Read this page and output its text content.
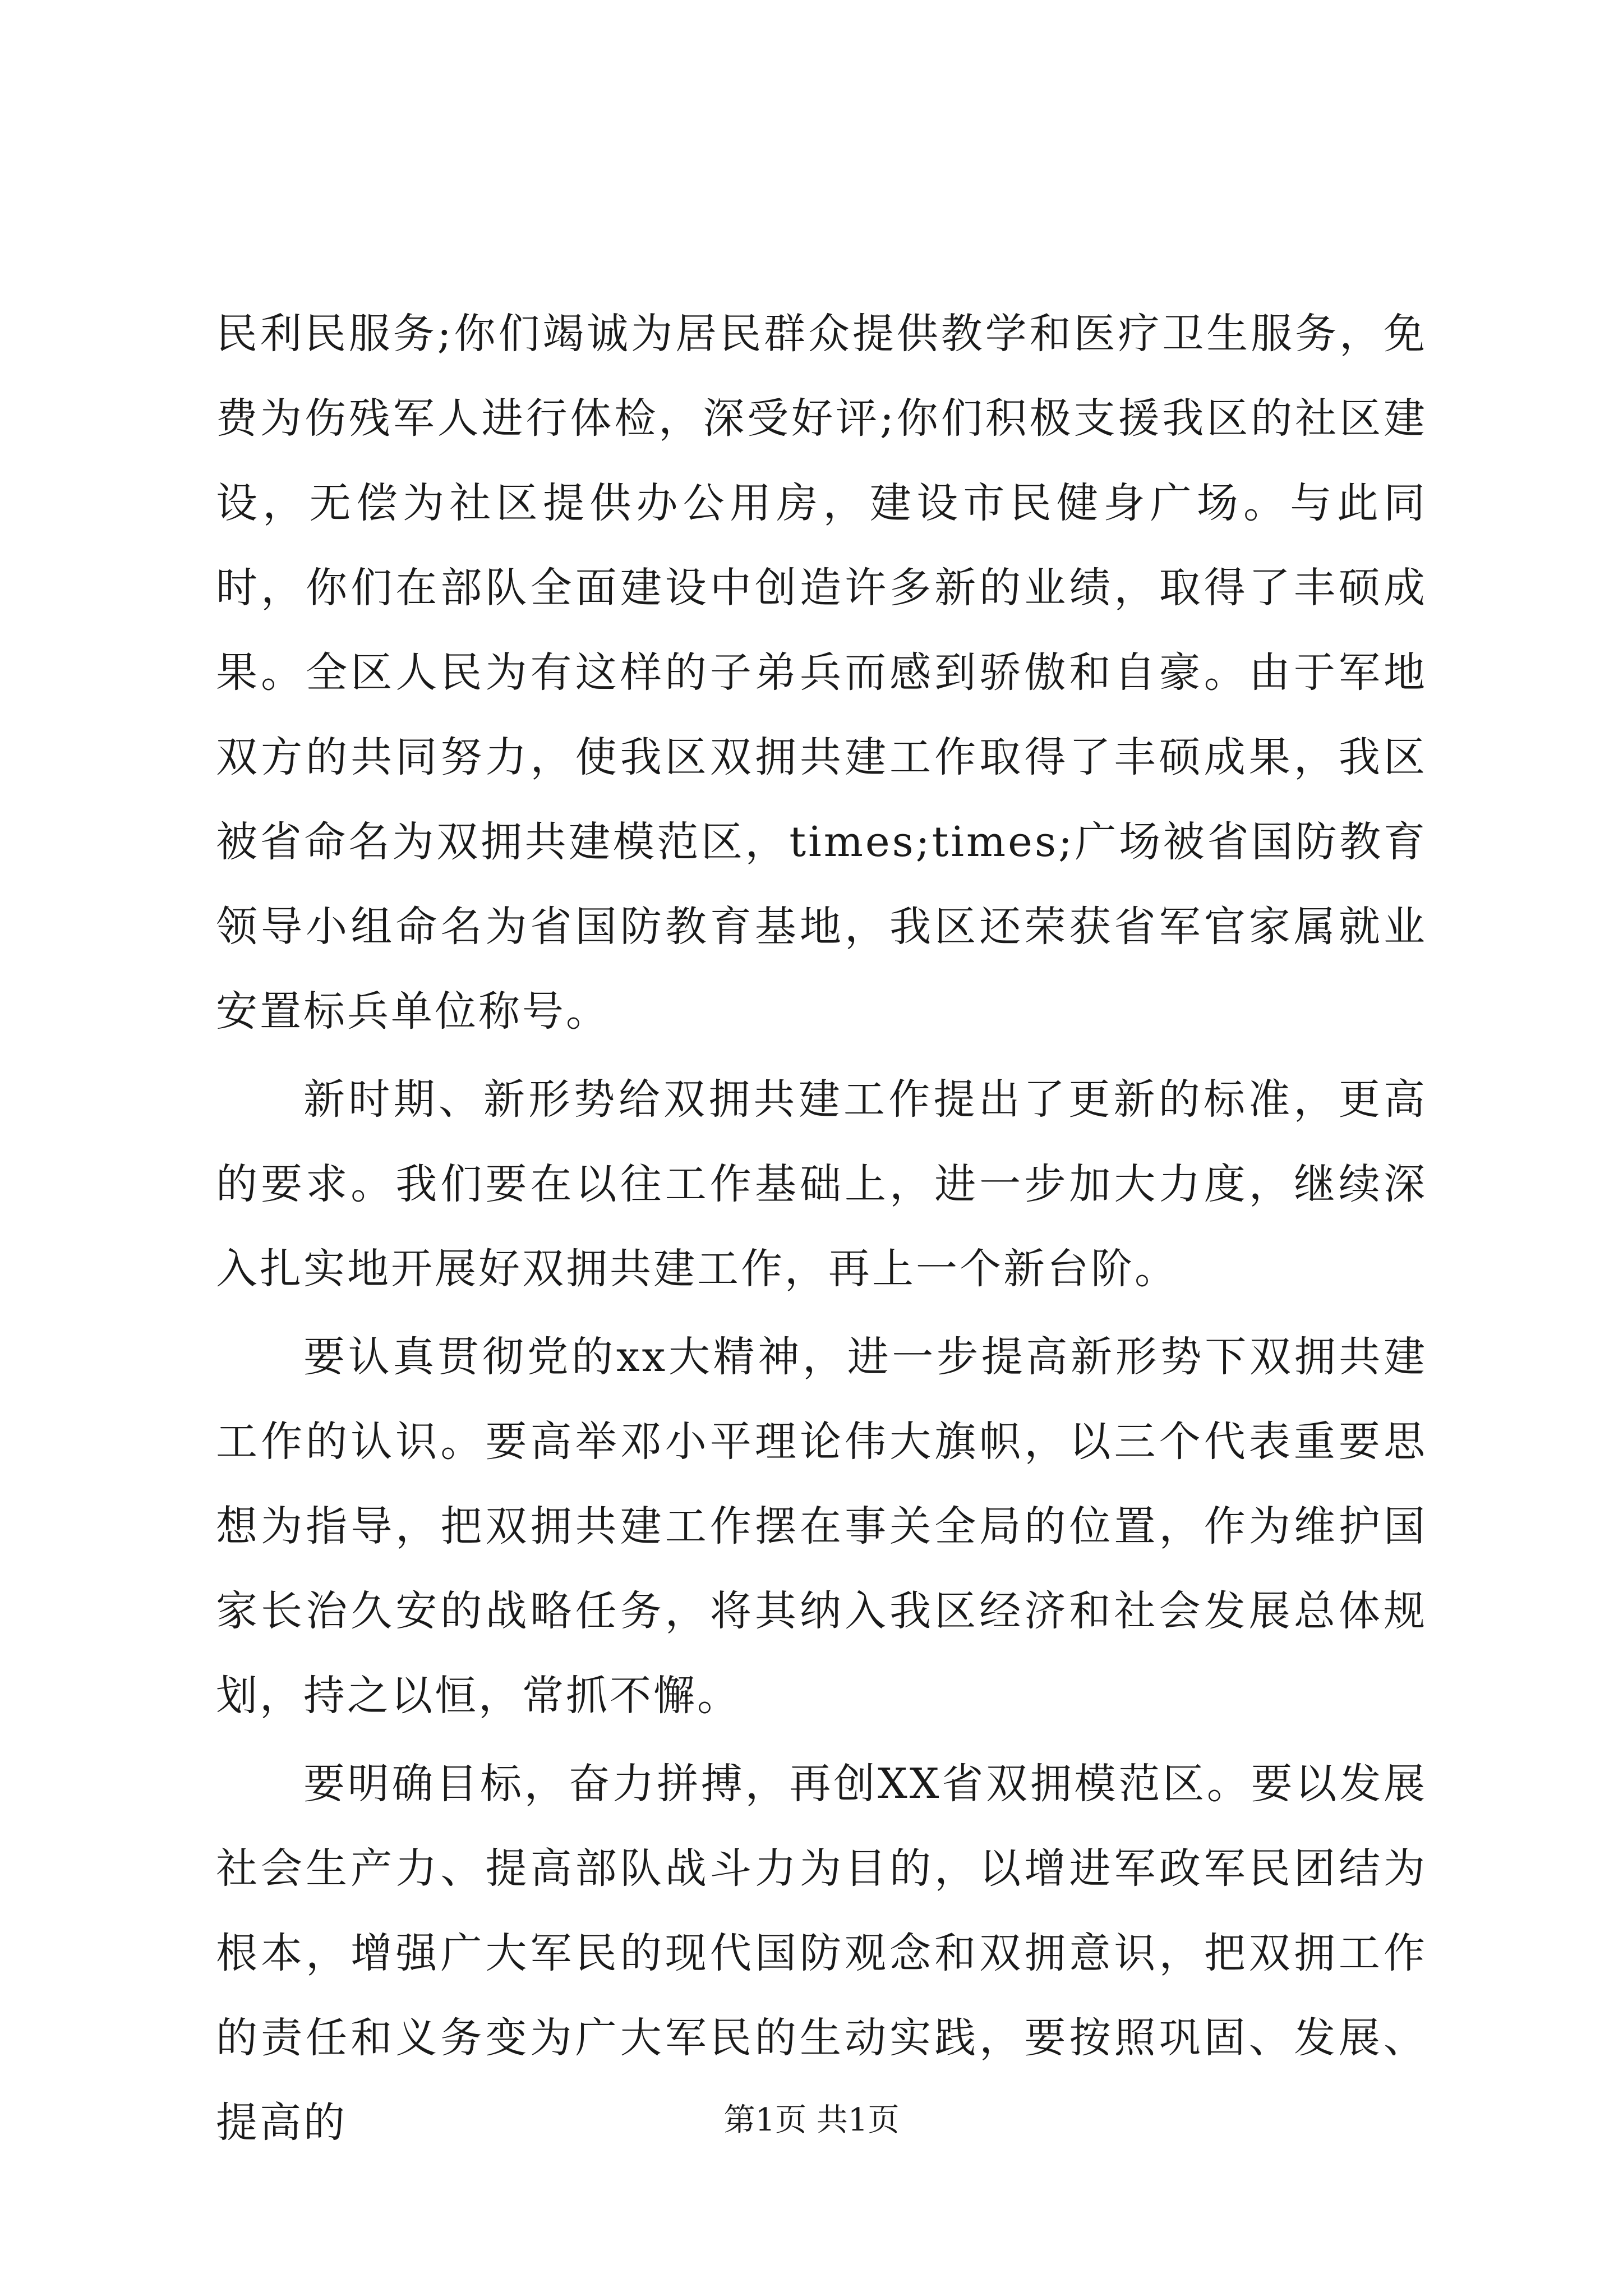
民利民服务;你们竭诚为居民群众提供教学和医疗卫生服务，免费为伤残军人进行体检，深受好评;你们积极支援我区的社区建设，无偿为社区提供办公用房，建设市民健身广场。与此同时，你们在部队全面建设中创造许多新的业绩，取得了丰硕成果。全区人民为有这样的子弟兵而感到骄傲和自豪。由于军地双方的共同努力，使我区双拥共建工作取得了丰硕成果，我区被省命名为双拥共建模范区，times;times;广场被省国防教育领导小组命名为省国防教育基地，我区还荣获省军官家属就业安置标兵单位称号。

新时期、新形势给双拥共建工作提出了更新的标准，更高的要求。我们要在以往工作基础上，进一步加大力度，继续深入扎实地开展好双拥共建工作，再上一个新台阶。

要认真贯彻党的xx大精神，进一步提高新形势下双拥共建工作的认识。要高举邓小平理论伟大旗帜，以三个代表重要思想为指导，把双拥共建工作摆在事关全局的位置，作为维护国家长治久安的战略任务，将其纳入我区经济和社会发展总体规划，持之以恒，常抓不懈。

要明确目标，奋力拼搏，再创XX省双拥模范区。要以发展社会生产力、提高部队战斗力为目的，以增进军政军民团结为根本，增强广大军民的现代国防观念和双拥意识，把双拥工作的责任和义务变为广大军民的生动实践，要按照巩固、发展、提高的	第1页 共1页
